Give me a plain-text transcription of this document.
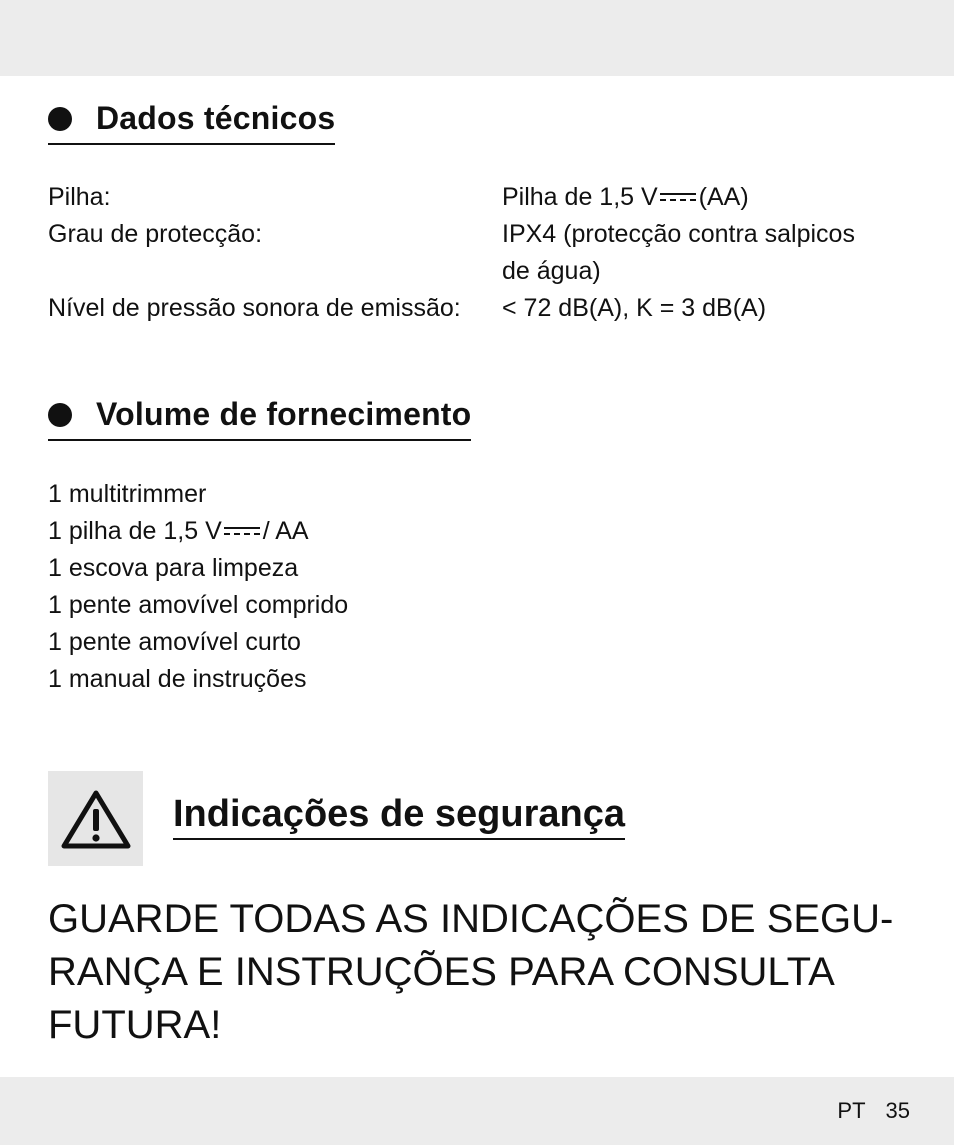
Dados técnicos
Pilha:	Pilha de 1,5 V (AA)
Grau de protecção:	IPX4 (protecção contra salpicos de água)
Nível de pressão sonora de emissão: < 72 dB(A), K = 3 dB(A)
Volume de fornecimento
1 multitrimmer
1 pilha de 1,5 V / AA
1 escova para limpeza
1 pente amovível comprido
1 pente amovível curto
1 manual de instruções
Indicações de segurança
GUARDE TODAS AS INDICAÇÕES DE SEGU-
RANÇA E INSTRUÇÕES PARA CONSULTA
FUTURA!
PT 35
